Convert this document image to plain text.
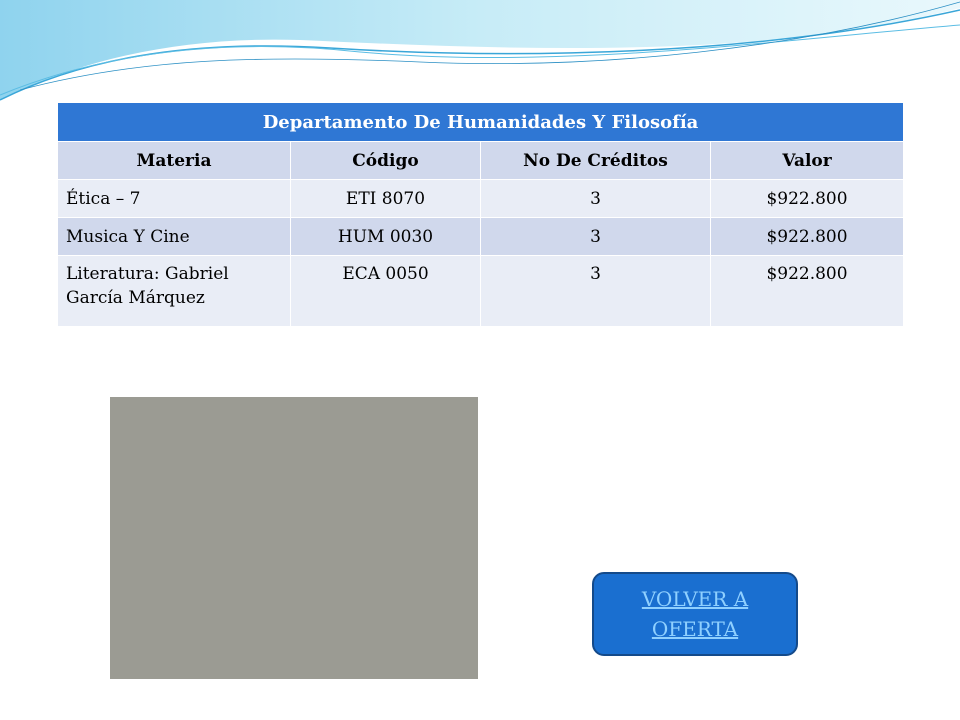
Departamento De Humanidades Y Filosofía			
Materia	Código	No De Créditos	Valor
Ética – 7	ETI 8070	3	$922.800
Musica Y Cine	HUM 0030	3	$922.800
Literatura: Gabriel García Márquez	ECA 0050	3	$922.800
VOLVER A OFERTA
